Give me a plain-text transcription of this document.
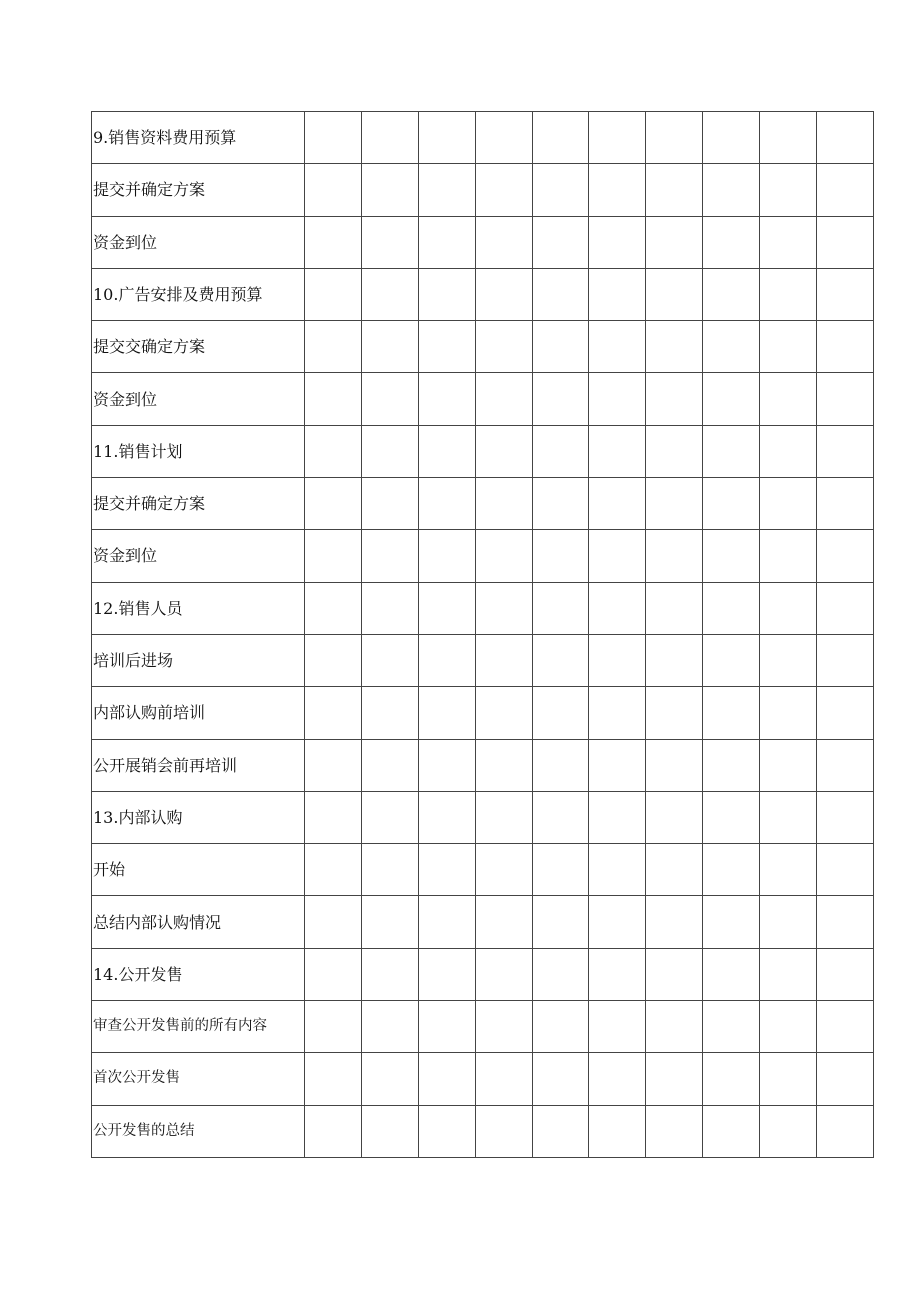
9.销售资料费用预算										
提交并确定方案										
资金到位										
10.广告安排及费用预算										
提交交确定方案										
资金到位										
11.销售计划										
提交并确定方案										
资金到位										
12.销售人员										
培训后进场										
内部认购前培训										
公开展销会前再培训										
13.内部认购										
开始										
总结内部认购情况										
14.公开发售										
审查公开发售前的所有内容										
首次公开发售										
公开发售的总结										
